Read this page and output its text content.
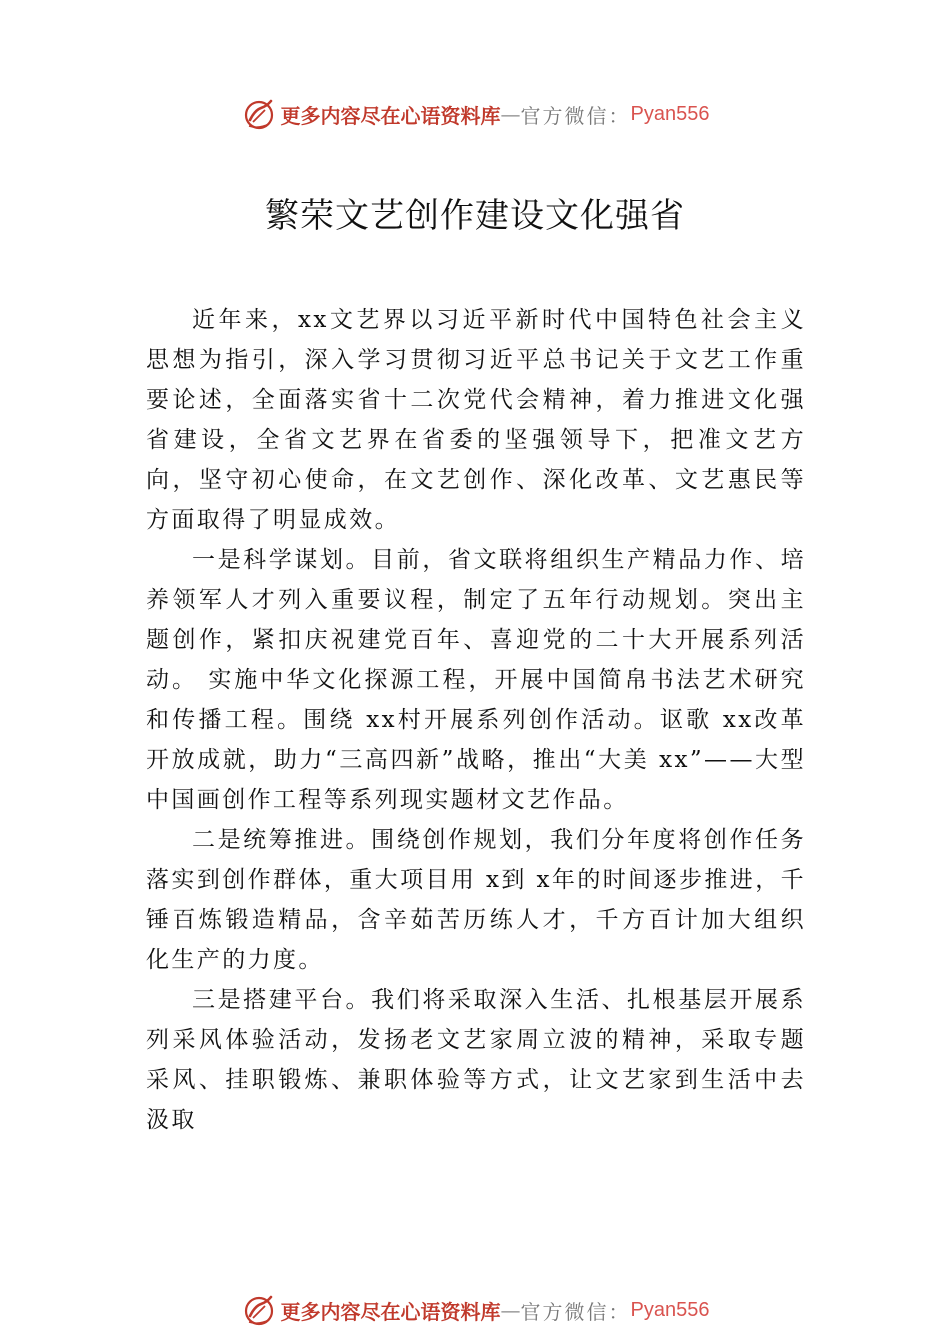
更多内容尽在心语资料库 — 官方微信： Pyan556
繁荣文艺创作建设文化强省

近年来，xx文艺界以习近平新时代中国特色社会主义思想为指引，深入学习贯彻习近平总书记关于文艺工作重要论述，全面落实省十二次党代会精神，着力推进文化强省建设，全省文艺界在省委的坚强领导下，把准文艺方向，坚守初心使命，在文艺创作、深化改革、文艺惠民等方面取得了明显成效。

一是科学谋划。目前，省文联将组织生产精品力作、培养领军人才列入重要议程，制定了五年行动规划。突出主题创作，紧扣庆祝建党百年、喜迎党的二十大开展系列活动。 实施中华文化探源工程，开展中国简帛书法艺术研究和传播工程。围绕 xx村开展系列创作活动。讴歌 xx改革开放成就，助力“三高四新”战略，推出“大美 xx”——大型中国画创作工程等系列现实题材文艺作品。

二是统筹推进。围绕创作规划，我们分年度将创作任务落实到创作群体，重大项目用 x到 x年的时间逐步推进，千锤百炼锻造精品，含辛茹苦历练人才，千方百计加大组织化生产的力度。

三是搭建平台。我们将采取深入生活、扎根基层开展系列采风体验活动，发扬老文艺家周立波的精神，采取专题采风、挂职锻炼、兼职体验等方式，让文艺家到生活中去汲取

更多内容尽在心语资料库 — 官方微信： Pyan556
